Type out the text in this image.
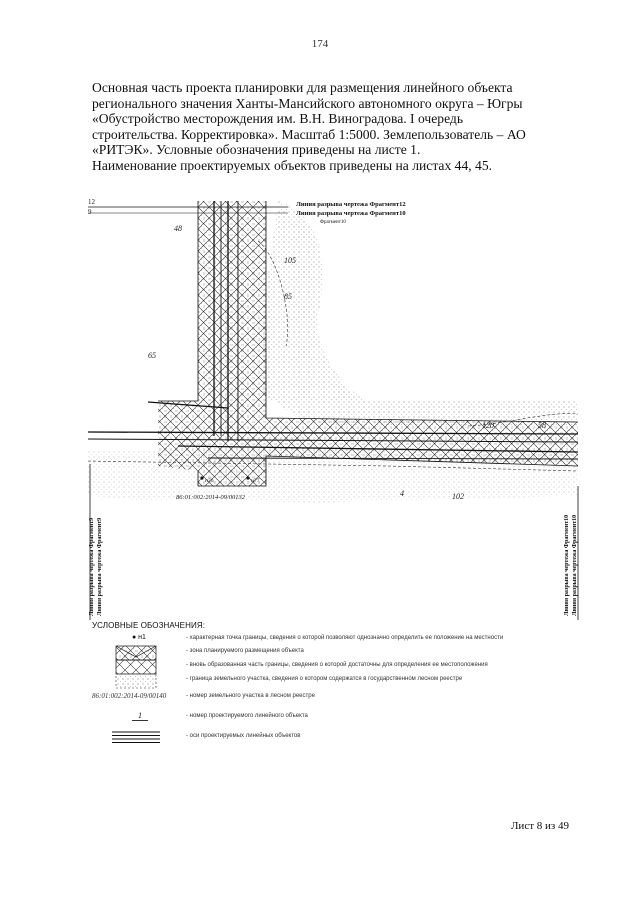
174
Основная часть проекта планировки для размещения линейного объекта
регионального значения Ханты-Мансийского автономного округа – Югры
«Обустройство месторождения им. В.Н. Виноградова. I очередь
строительства. Корректировка». Масштаб 1:5000. Землепользователь – АО
«РИТЭК». Условные обозначения приведены на листе 1.
Наименование проектируемых объектов приведены на листах 44, 45.
Линия разрыва чертежа Фрагмент12
Линия разрыва чертежа Фрагмент10
Фрагмент10
12
9
48
105
85
65
120	58
4	102
н76	н77
86:01:002:2014-09/00132
Линия разрыва чертежа Фрагмент9 Линия разрыва чертежа Фрагмент9	Линия разрыва чертежа Фрагмент10 Линия разрыва чертежа Фрагмент10
УСЛОВНЫЕ ОБОЗНАЧЕНИЯ:
● н1	- характерная точка границы, сведения о которой позволяют однозначно определить ее положение на местности
- зона планируемого размещения объекта
- вновь образованная часть границы, сведения о которой достаточны для определения ее местоположения
- граница земельного участка, сведения о котором содержатся в государственном лесном реестре
86:01:002:2014-09/00140	- номер земельного участка в лесном реестре
1	- номер проектируемого линейного объекта
- оси проектируемых линейных объектов
Лист 8 из 49
